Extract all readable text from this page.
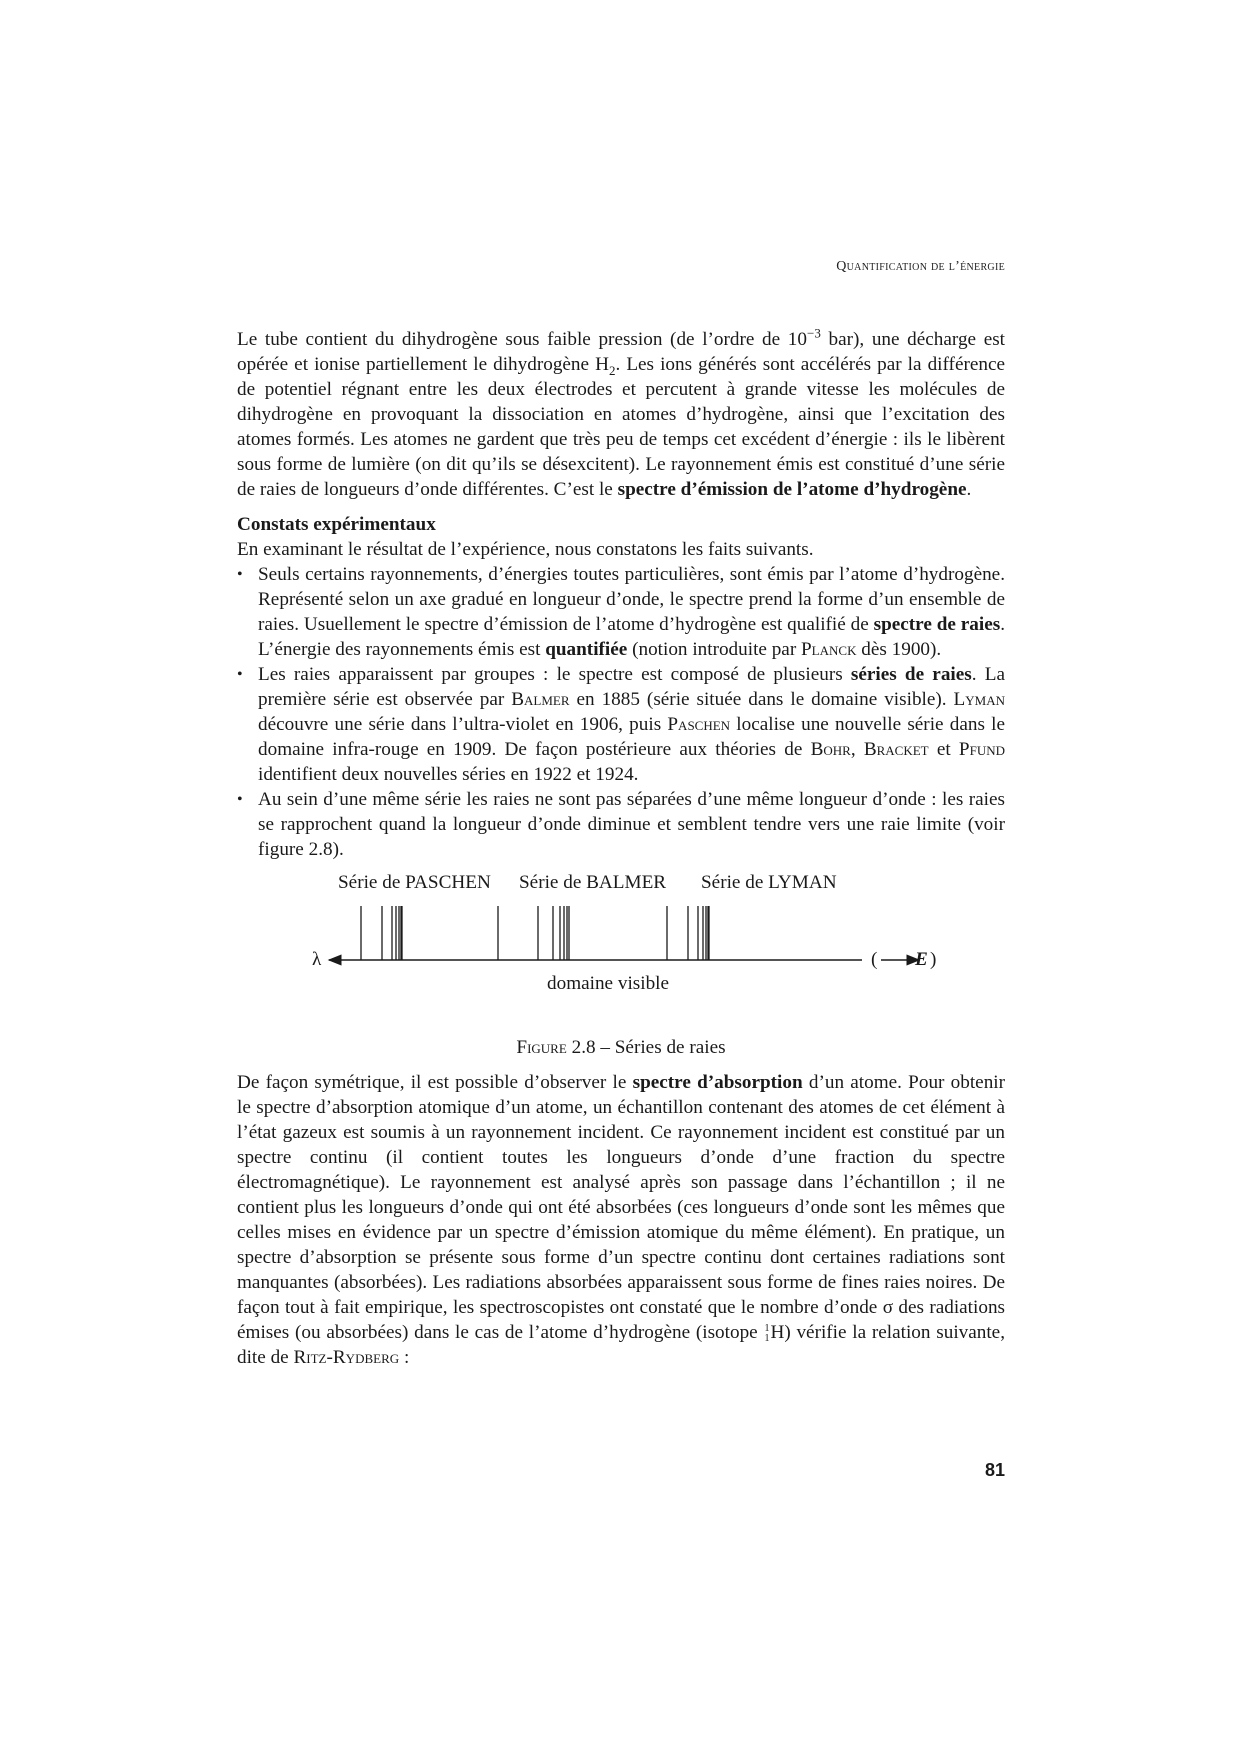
Quantification de l’énergie

Le tube contient du dihydrogène sous faible pression (de l’ordre de $10^{-3}$ bar), une décharge est opérée et ionise partiellement le dihydrogène $H_2$. Les ions générés sont accélérés par la différence de potentiel régnant entre les deux électrodes et percutent à grande vitesse les molécules de dihydrogène en provoquant la dissociation en atomes d’hydrogène, ainsi que l’excitation des atomes formés. Les atomes ne gardent que très peu de temps cet excédent d’énergie : ils le libèrent sous forme de lumière (on dit qu’ils se désexcitent). Le rayonnement émis est constitué d’une série de raies de longueurs d’onde différentes. C’est le spectre d’émission de l’atome d’hydrogène.

Constats expérimentaux

En examinant le résultat de l’expérience, nous constatons les faits suivants.

• Seuls certains rayonnements, d’énergies toutes particulières, sont émis par l’atome d’hydrogène. Représenté selon un axe gradué en longueur d’onde, le spectre prend la forme d’un ensemble de raies. Usuellement le spectre d’émission de l’atome d’hydrogène est qualifié de spectre de raies. L’énergie des rayonnements émis est quantifiée (notion introduite par Planck dès 1900).
• Les raies apparaissent par groupes : le spectre est composé de plusieurs séries de raies. La première série est observée par Balmer en 1885 (série située dans le domaine visible). Lyman découvre une série dans l’ultra-violet en 1906, puis Paschen localise une nouvelle série dans le domaine infra-rouge en 1909. De façon postérieure aux théories de Bohr, Bracket et Pfund identifient deux nouvelles séries en 1922 et 1924.
• Au sein d’une même série les raies ne sont pas séparées d’une même longueur d’onde : les raies se rapprochent quand la longueur d’onde diminue et semblent tendre vers une raie limite (voir figure 2.8).
Série de PASCHEN Série de BALMER Série de LYMAN
λ	( E )
domaine visible

Figure 2.8 – Séries de raies

De façon symétrique, il est possible d’observer le spectre d’absorption d’un atome. Pour obtenir le spectre d’absorption atomique d’un atome, un échantillon contenant des atomes de cet élément à l’état gazeux est soumis à un rayonnement incident. Ce rayonnement incident est constitué par un spectre continu (il contient toutes les longueurs d’onde d’une fraction du spectre électromagnétique). Le rayonnement est analysé après son passage dans l’échantillon ; il ne contient plus les longueurs d’onde qui ont été absorbées (ces longueurs d’onde sont les mêmes que celles mises en évidence par un spectre d’émission atomique du même élément). En pratique, un spectre d’absorption se présente sous forme d’un spectre continu dont certaines radiations sont manquantes (absorbées). Les radiations absorbées apparaissent sous forme de fines raies noires. De façon tout à fait empirique, les spectroscopistes ont constaté que le nombre d’onde σ des radiations émises (ou absorbées) dans le cas de l’atome d’hydrogène (isotope 1
1 H) vérifie la relation suivante, dite de Ritz-Rydberg :

81
